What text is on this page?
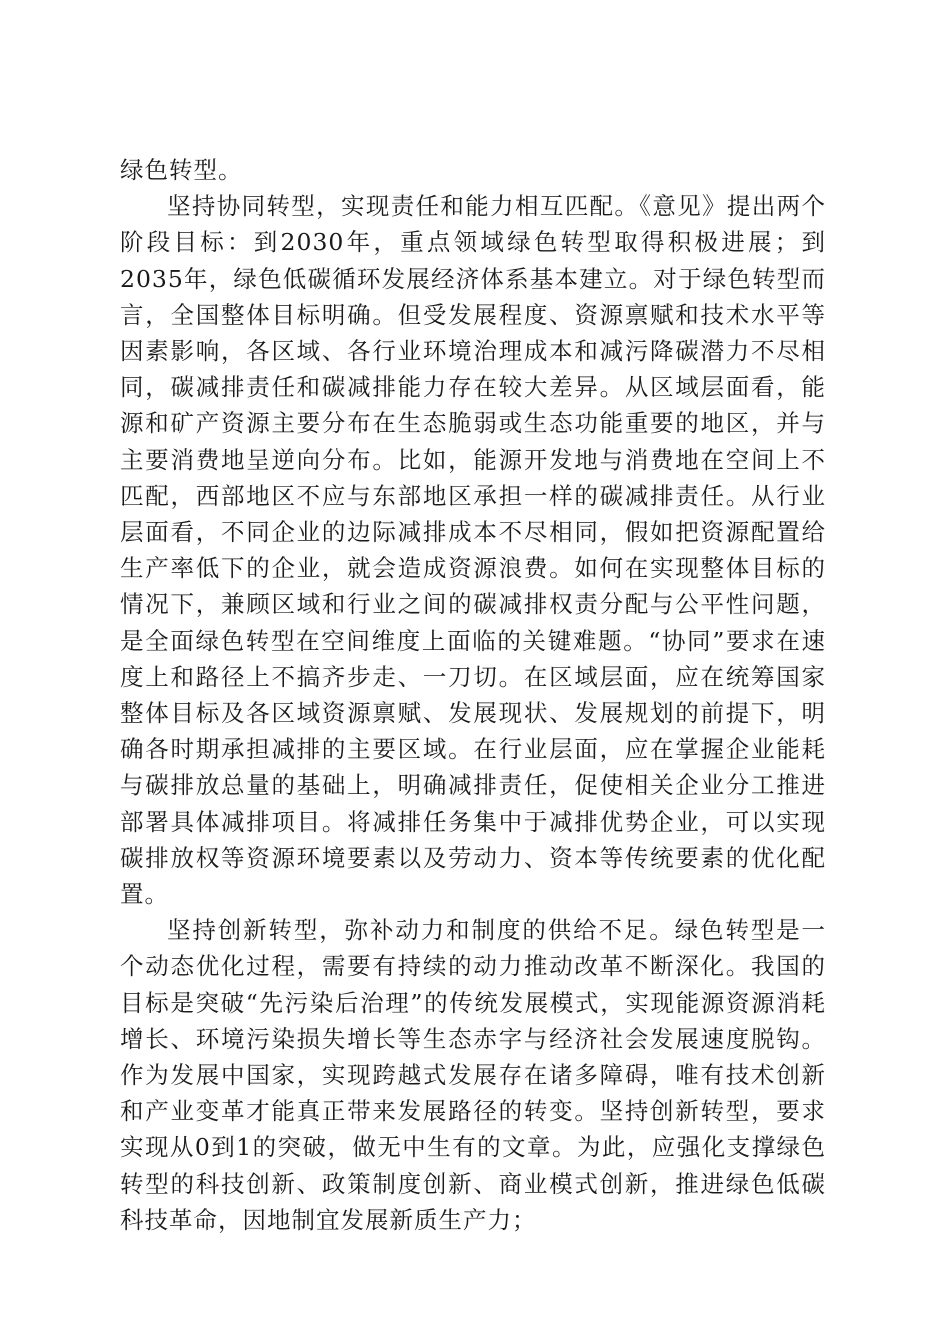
绿色转型。

坚持协同转型，实现责任和能力相互匹配。《意见》提出两个阶段目标：到2030年，重点领域绿色转型取得积极进展；到2035年，绿色低碳循环发展经济体系基本建立。对于绿色转型而言，全国整体目标明确。但受发展程度、资源禀赋和技术水平等因素影响，各区域、各行业环境治理成本和减污降碳潜力不尽相同，碳减排责任和碳减排能力存在较大差异。从区域层面看，能源和矿产资源主要分布在生态脆弱或生态功能重要的地区，并与主要消费地呈逆向分布。比如，能源开发地与消费地在空间上不匹配，西部地区不应与东部地区承担一样的碳减排责任。从行业层面看，不同企业的边际减排成本不尽相同，假如把资源配置给生产率低下的企业，就会造成资源浪费。如何在实现整体目标的情况下，兼顾区域和行业之间的碳减排权责分配与公平性问题，是全面绿色转型在空间维度上面临的关键难题。“协同”要求在速度上和路径上不搞齐步走、一刀切。在区域层面，应在统筹国家整体目标及各区域资源禀赋、发展现状、发展规划的前提下，明确各时期承担减排的主要区域。在行业层面，应在掌握企业能耗与碳排放总量的基础上，明确减排责任，促使相关企业分工推进部署具体减排项目。将减排任务集中于减排优势企业，可以实现碳排放权等资源环境要素以及劳动力、资本等传统要素的优化配置。

坚持创新转型，弥补动力和制度的供给不足。绿色转型是一个动态优化过程，需要有持续的动力推动改革不断深化。我国的目标是突破“先污染后治理”的传统发展模式，实现能源资源消耗增长、环境污染损失增长等生态赤字与经济社会发展速度脱钩。作为发展中国家，实现跨越式发展存在诸多障碍，唯有技术创新和产业变革才能真正带来发展路径的转变。坚持创新转型，要求实现从0到1的突破，做无中生有的文章。为此，应强化支撑绿色转型的科技创新、政策制度创新、商业模式创新，推进绿色低碳科技革命，因地制宜发展新质生产力；
